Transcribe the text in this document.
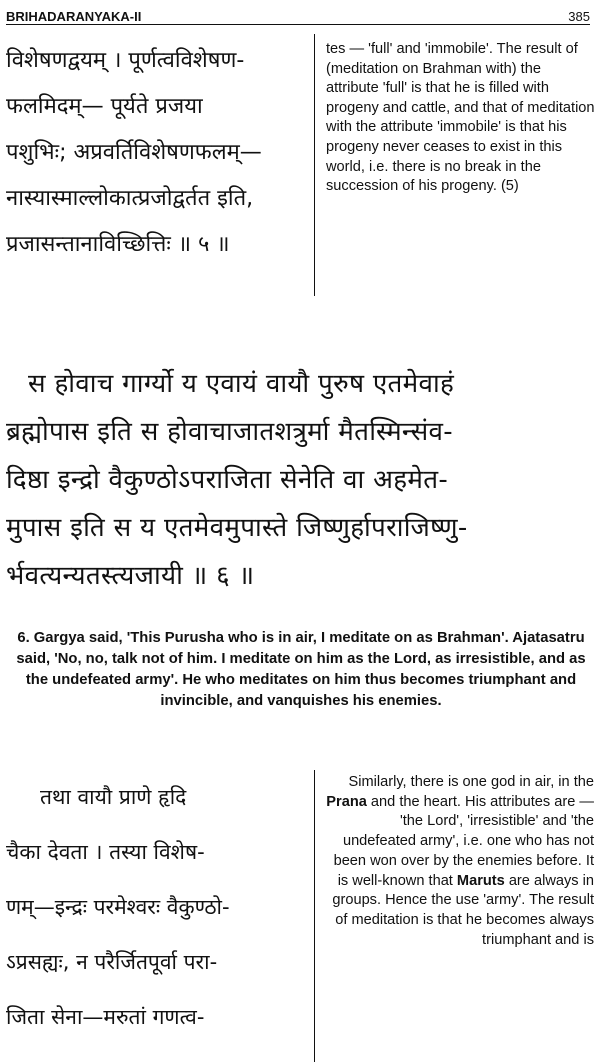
BRIHADARANYAKA-II	385
विशेषणद्वयम् । पूर्णत्वविशेषण-
फलमिदम्— पूर्यते प्रजया
पशुभिः; अप्रवर्तिविशेषणफलम्—
नास्यास्माल्लोकात्प्रजोद्वर्तत इति,
प्रजासन्तानाविच्छित्तिः ॥ ५ ॥
tes — 'full' and 'immobile'. The result of (meditation on Brahman with) the attribute 'full' is that he is filled with progeny and cattle, and that of meditation with the attribute 'immobile' is that his progeny never ceases to exist in this world, i.e. there is no break in the succession of his progeny. (5)
स होवाच गार्ग्यो य एवायं वायौ पुरुष एतमेवाहं
ब्रह्मोपास इति स होवाचाजातशत्रुर्मा मैतस्मिन्संव-
दिष्ठा इन्द्रो वैकुण्ठोऽपराजिता सेनेति वा अहमेत-
मुपास इति स य एतमेवमुपास्ते जिष्णुर्हापराजिष्णु-
र्भवत्यन्यतस्त्यजायी ॥ ६ ॥
6. Gargya said, 'This Purusha who is in air, I meditate on as Brahman'. Ajatasatru said, 'No, no, talk not of him. I meditate on him as the Lord, as irresistible, and as the undefeated army'. He who meditates on him thus becomes triumphant and invincible, and vanquishes his enemies.
तथा वायौ प्राणे हृदि
चैका देवता । तस्या विशेष-
णम्—इन्द्रः परमेश्वरः वैकुण्ठो-
ऽप्रसह्यः, न परैर्जितपूर्वा परा-
जिता सेना—मरुतां गणत्व-
Similarly, there is one god in air, in the Prana and the heart. His attributes are — 'the Lord', 'irresistible' and 'the undefeated army', i.e. one who has not been won over by the enemies before. It is well-known that Maruts are always in groups. Hence the use 'army'. The result of meditation is that he becomes always triumphant and is
